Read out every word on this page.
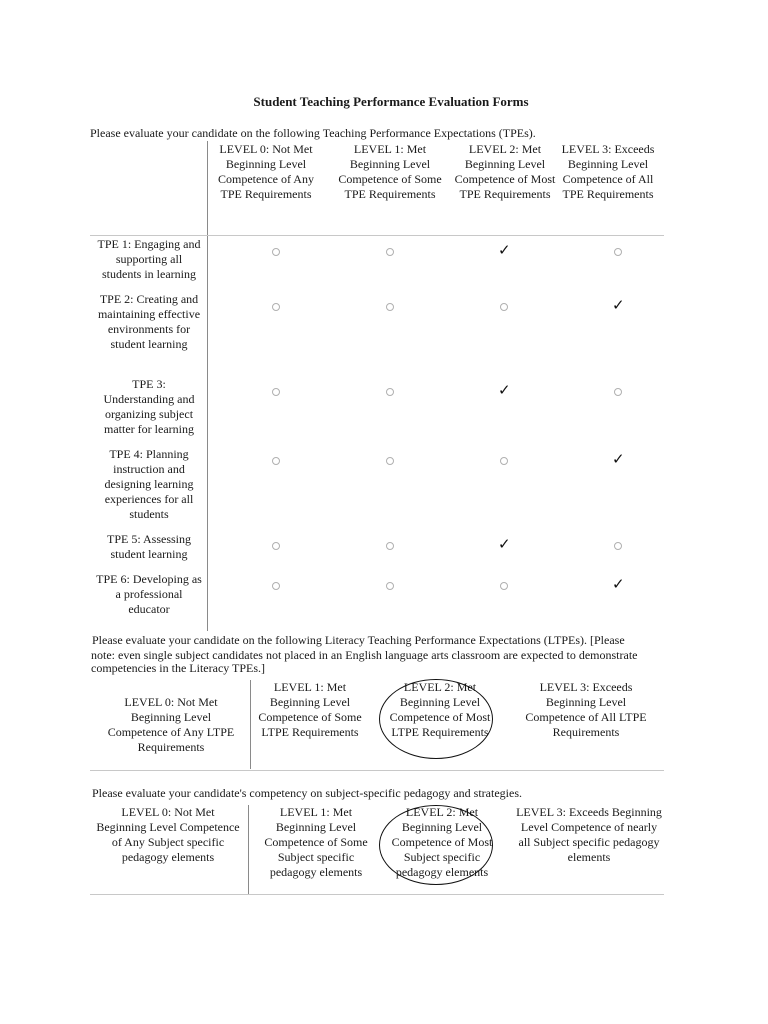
Student Teaching Performance Evaluation Forms
Please evaluate your candidate on the following Teaching Performance Expectations (TPEs).
LEVEL 0: Not Met Beginning Level Competence of Any TPE Requirements
LEVEL 1: Met Beginning Level Competence of Some TPE Requirements
LEVEL 2: Met Beginning Level Competence of Most TPE Requirements
LEVEL 3: Exceeds Beginning Level Competence of All TPE Requirements
TPE 1: Engaging and supporting all students in learning
TPE 2: Creating and maintaining effective environments for student learning
TPE 3: Understanding and organizing subject matter for learning
TPE 4: Planning instruction and designing learning experiences for all students
TPE 5: Assessing student learning
TPE 6: Developing as a professional educator
✓
✓
✓
✓
✓
✓
Please evaluate your candidate on the following Literacy Teaching Performance Expectations (LTPEs). [Please
note: even single subject candidates not placed in an English language arts classroom are expected to demonstrate
competencies in the Literacy TPEs.]
LEVEL 0: Not Met Beginning Level Competence of Any LTPE Requirements
LEVEL 1: Met Beginning Level Competence of Some LTPE Requirements
LEVEL 2: Met Beginning Level Competence of Most LTPE Requirements
LEVEL 3: Exceeds Beginning Level Competence of All LTPE Requirements
Please evaluate your candidate's competency on subject-specific pedagogy and strategies.
LEVEL 0: Not Met Beginning Level Competence of Any Subject specific pedagogy elements
LEVEL 1: Met Beginning Level Competence of Some Subject specific pedagogy elements
LEVEL 2: Met Beginning Level Competence of Most Subject specific pedagogy elements
LEVEL 3: Exceeds Beginning Level Competence of nearly all Subject specific pedagogy elements
